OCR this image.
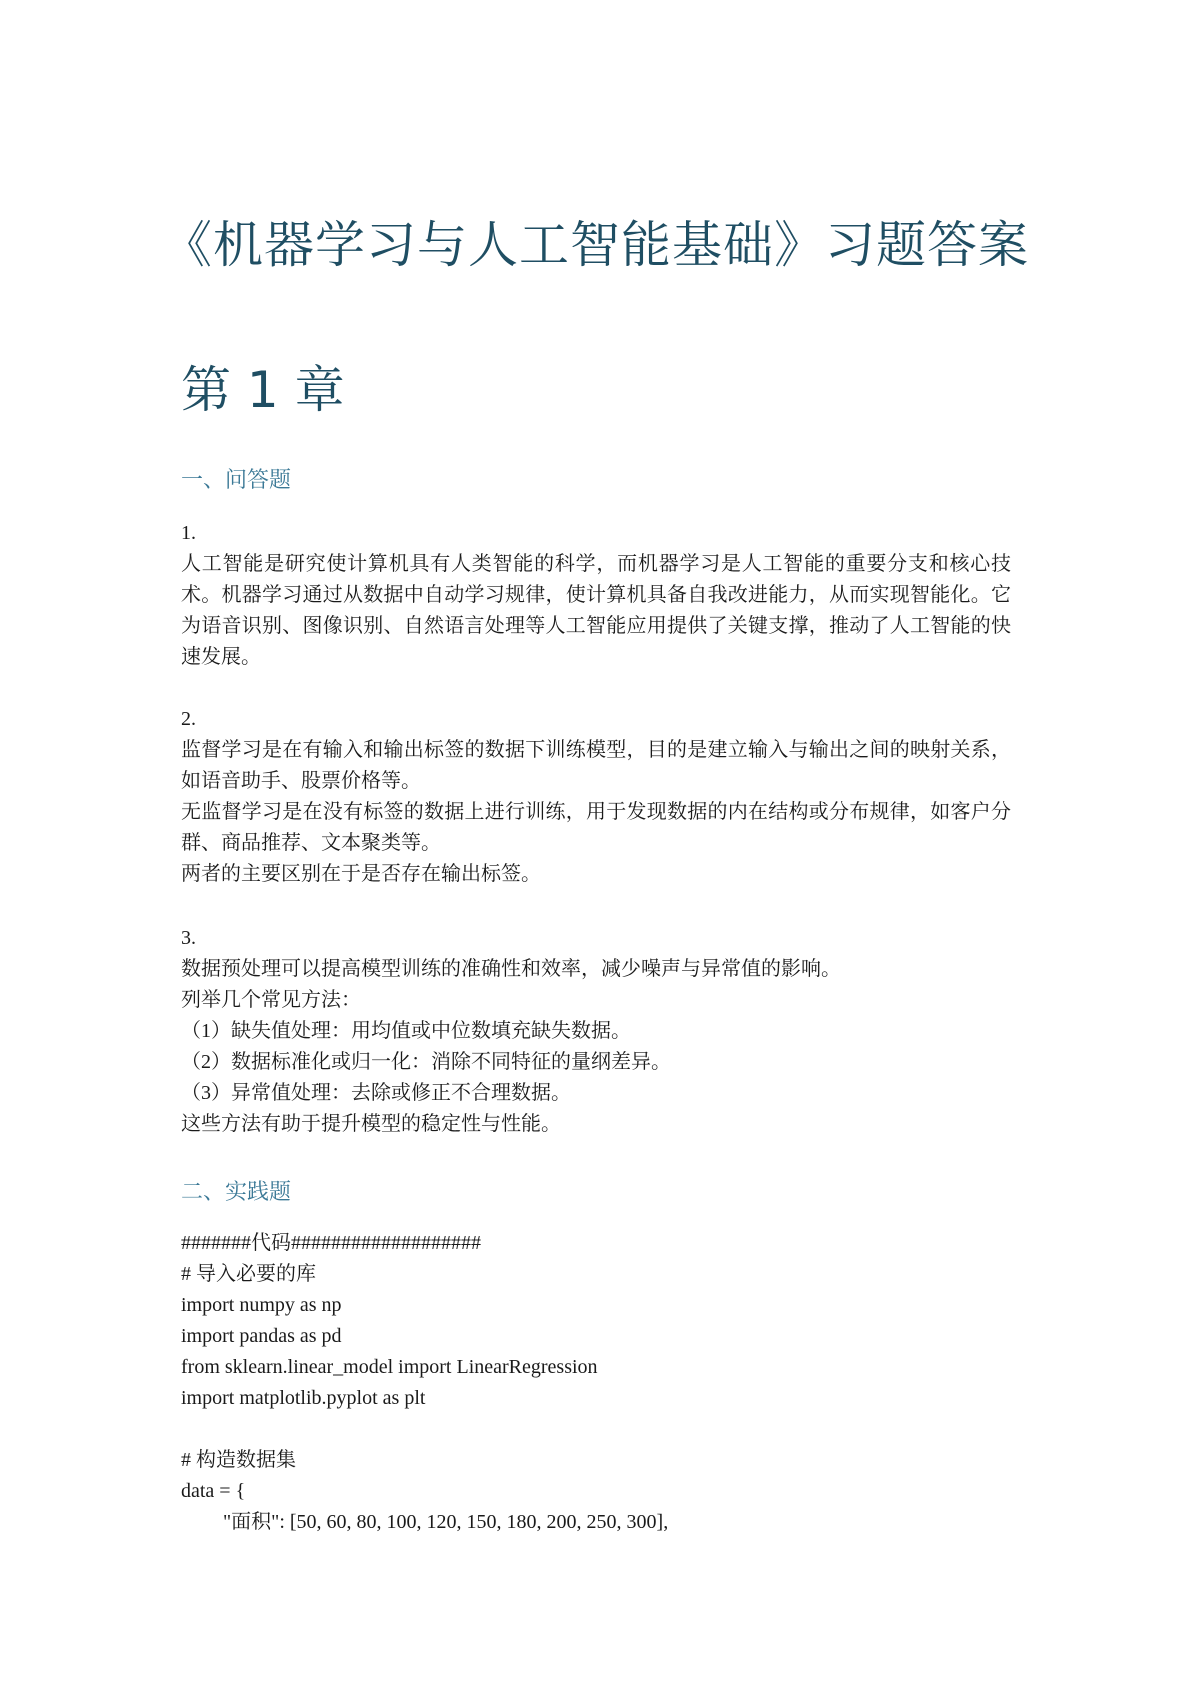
《机器学习与人工智能基础》习题答案
第 1 章
一、问答题
1.
人工智能是研究使计算机具有人类智能的科学，而机器学习是人工智能的重要分支和核心技术。机器学习通过从数据中自动学习规律，使计算机具备自我改进能力，从而实现智能化。它为语音识别、图像识别、自然语言处理等人工智能应用提供了关键支撑，推动了人工智能的快速发展。
2.
监督学习是在有输入和输出标签的数据下训练模型，目的是建立输入与输出之间的映射关系，如语音助手、股票价格等。
无监督学习是在没有标签的数据上进行训练，用于发现数据的内在结构或分布规律，如客户分群、商品推荐、文本聚类等。
两者的主要区别在于是否存在输出标签。
3.
数据预处理可以提高模型训练的准确性和效率，减少噪声与异常值的影响。
列举几个常见方法：
（1）缺失值处理：用均值或中位数填充缺失数据。
（2）数据标准化或归一化：消除不同特征的量纲差异。
（3）异常值处理：去除或修正不合理数据。
这些方法有助于提升模型的稳定性与性能。
二、实践题
#######代码###################
# 导入必要的库
import numpy as np
import pandas as pd
from sklearn.linear_model import LinearRegression
import matplotlib.pyplot as plt
# 构造数据集
data = {
"面积": [50, 60, 80, 100, 120, 150, 180, 200, 250, 300],
